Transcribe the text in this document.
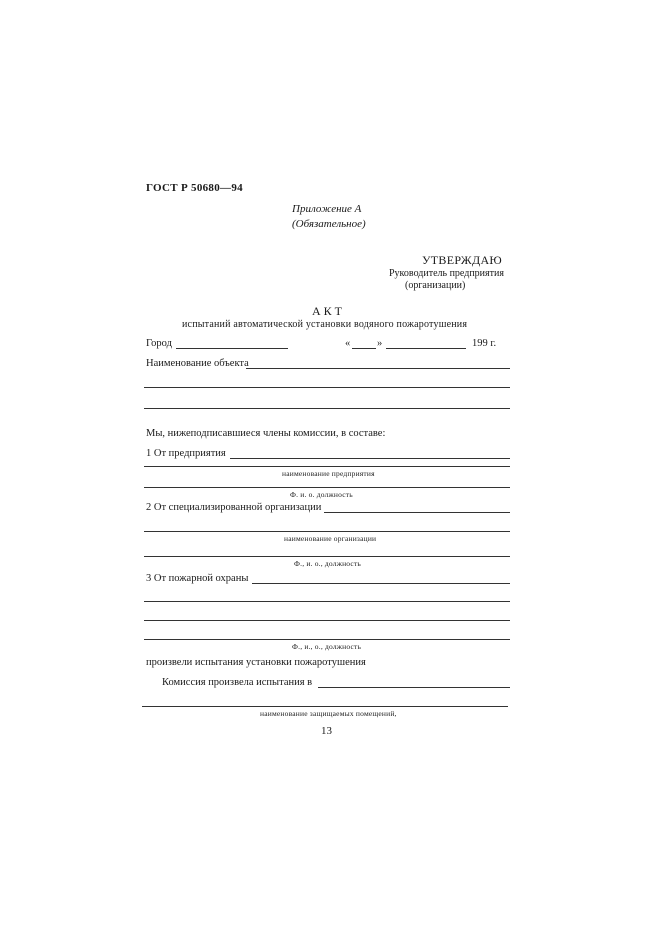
ГОСТ Р 50680—94
Приложение А
(Обязательное)
УТВЕРЖДАЮ
Руководитель предприятия
(организации)
АКТ
испытаний автоматической установки водяного пожаротушения
Город	«	»	199 г.
Наименование объекта
Мы, нижеподписавшиеся члены комиссии, в составе:
1 От предприятия
наименование предприятия
Ф. и. о. должность
2 От специализированной организации
наименование организации
Ф., и. о., должность
3 От пожарной охраны
Ф., и., о., должность
произвели испытания установки пожаротушения
Комиссия произвела испытания в
наименование защищаемых помещений,
13
